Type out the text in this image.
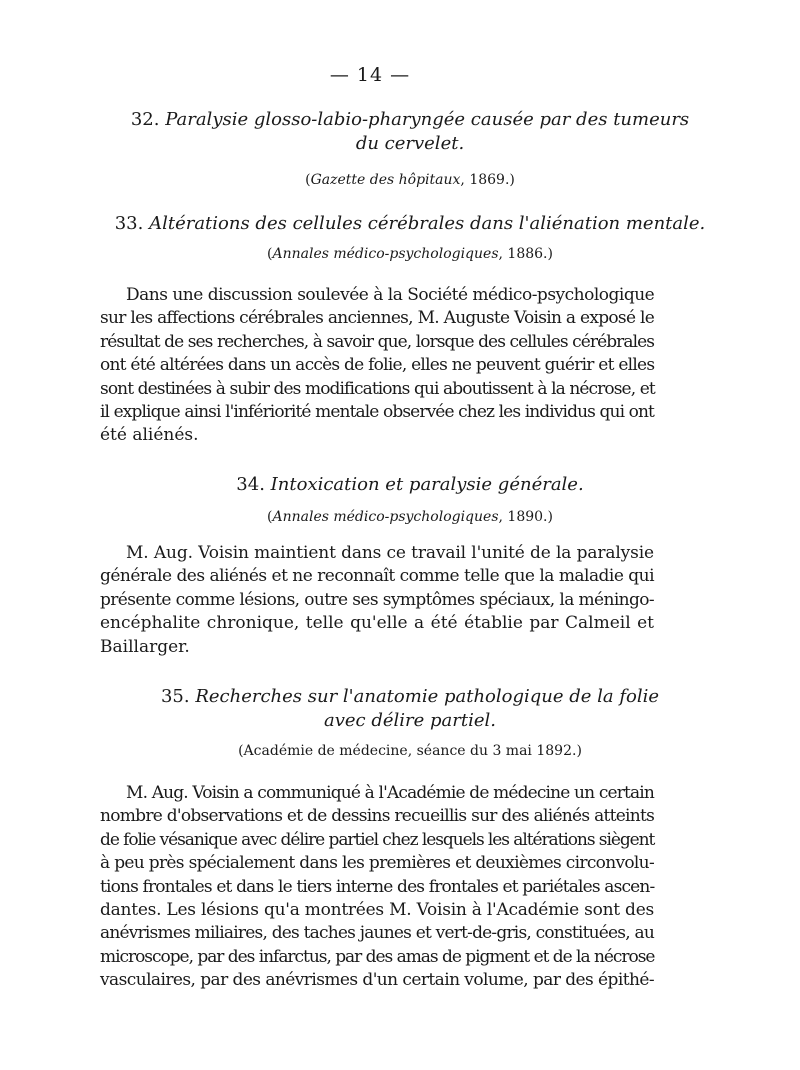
— 14 —
32. Paralysie glosso-labio-pharyngée causée par des tumeurs
du cervelet.
(Gazette des hôpitaux, 1869.)
33. Altérations des cellules cérébrales dans l'aliénation mentale.
(Annales médico-psychologiques, 1886.)
Dans une discussion soulevée à la Société médico-psychologique
sur les affections cérébrales anciennes, M. Auguste Voisin a exposé le
résultat de ses recherches, à savoir que, lorsque des cellules cérébrales
ont été altérées dans un accès de folie, elles ne peuvent guérir et elles
sont destinées à subir des modifications qui aboutissent à la nécrose, et
il explique ainsi l'infériorité mentale observée chez les individus qui ont
été aliénés.
34. Intoxication et paralysie générale.
(Annales médico-psychologiques, 1890.)
M. Aug. Voisin maintient dans ce travail l'unité de la paralysie
générale des aliénés et ne reconnaît comme telle que la maladie qui
présente comme lésions, outre ses symptômes spéciaux, la méningo-
encéphalite chronique, telle qu'elle a été établie par Calmeil et
Baillarger.
35. Recherches sur l'anatomie pathologique de la folie
avec délire partiel.
(Académie de médecine, séance du 3 mai 1892.)
M. Aug. Voisin a communiqué à l'Académie de médecine un certain
nombre d'observations et de dessins recueillis sur des aliénés atteints
de folie vésanique avec délire partiel chez lesquels les altérations siègent
à peu près spécialement dans les premières et deuxièmes circonvolu-
tions frontales et dans le tiers interne des frontales et pariétales ascen-
dantes. Les lésions qu'a montrées M. Voisin à l'Académie sont des
anévrismes miliaires, des taches jaunes et vert-de-gris, constituées, au
microscope, par des infarctus, par des amas de pigment et de la nécrose
vasculaires, par des anévrismes d'un certain volume, par des épithé-
